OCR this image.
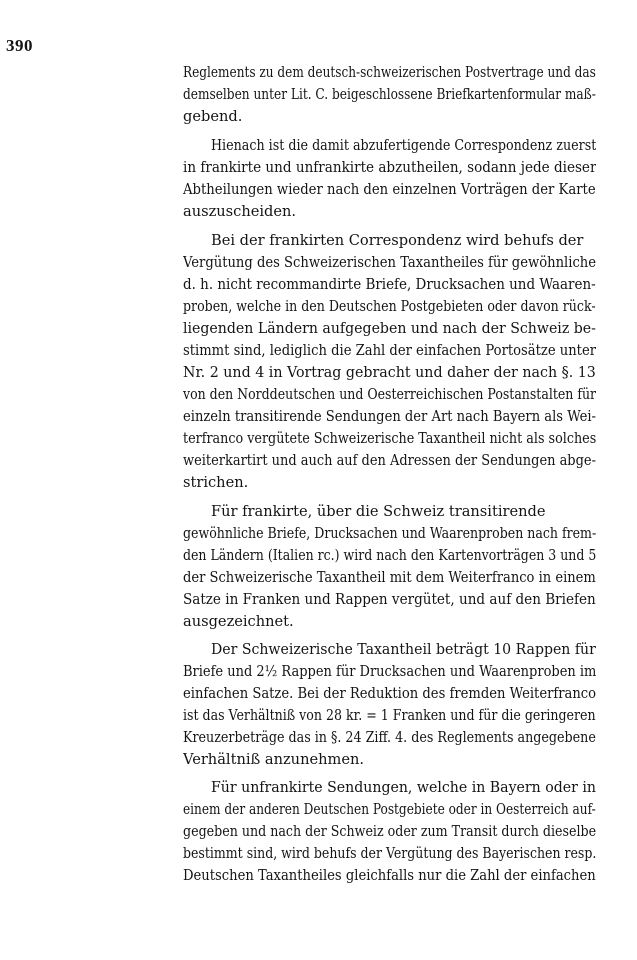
390
Reglements zu dem deutsch-schweizerischen Postvertrage und das
demselben unter Lit. C. beigeschlossene Briefkartenformular maß-
gebend.
Hienach ist die damit abzufertigende Correspondenz zuerst
in frankirte und unfrankirte abzutheilen, sodann jede dieser
Abtheilungen wieder nach den einzelnen Vorträgen der Karte
auszuscheiden.
Bei der frankirten Correspondenz wird behufs der
Vergütung des Schweizerischen Taxantheiles für gewöhnliche
d. h. nicht recommandirte Briefe, Drucksachen und Waaren-
proben, welche in den Deutschen Postgebieten oder davon rück-
liegenden Ländern aufgegeben und nach der Schweiz be-
stimmt sind, lediglich die Zahl der einfachen Portosätze unter
Nr. 2 und 4 in Vortrag gebracht und daher der nach §. 13
von den Norddeutschen und Oesterreichischen Postanstalten für
einzeln transitirende Sendungen der Art nach Bayern als Wei-
terfranco vergütete Schweizerische Taxantheil nicht als solches
weiterkartirt und auch auf den Adressen der Sendungen abge-
strichen.
Für frankirte, über die Schweiz transitirende
gewöhnliche Briefe, Drucksachen und Waarenproben nach frem-
den Ländern (Italien rc.) wird nach den Kartenvorträgen 3 und 5
der Schweizerische Taxantheil mit dem Weiterfranco in einem
Satze in Franken und Rappen vergütet, und auf den Briefen
ausgezeichnet.
Der Schweizerische Taxantheil beträgt 10 Rappen für
Briefe und 2½ Rappen für Drucksachen und Waarenproben im
einfachen Satze. Bei der Reduktion des fremden Weiterfranco
ist das Verhältniß von 28 kr. = 1 Franken und für die geringeren
Kreuzerbeträge das in §. 24 Ziff. 4. des Reglements angegebene
Verhältniß anzunehmen.
Für unfrankirte Sendungen, welche in Bayern oder in
einem der anderen Deutschen Postgebiete oder in Oesterreich auf-
gegeben und nach der Schweiz oder zum Transit durch dieselbe
bestimmt sind, wird behufs der Vergütung des Bayerischen resp.
Deutschen Taxantheiles gleichfalls nur die Zahl der einfachen
